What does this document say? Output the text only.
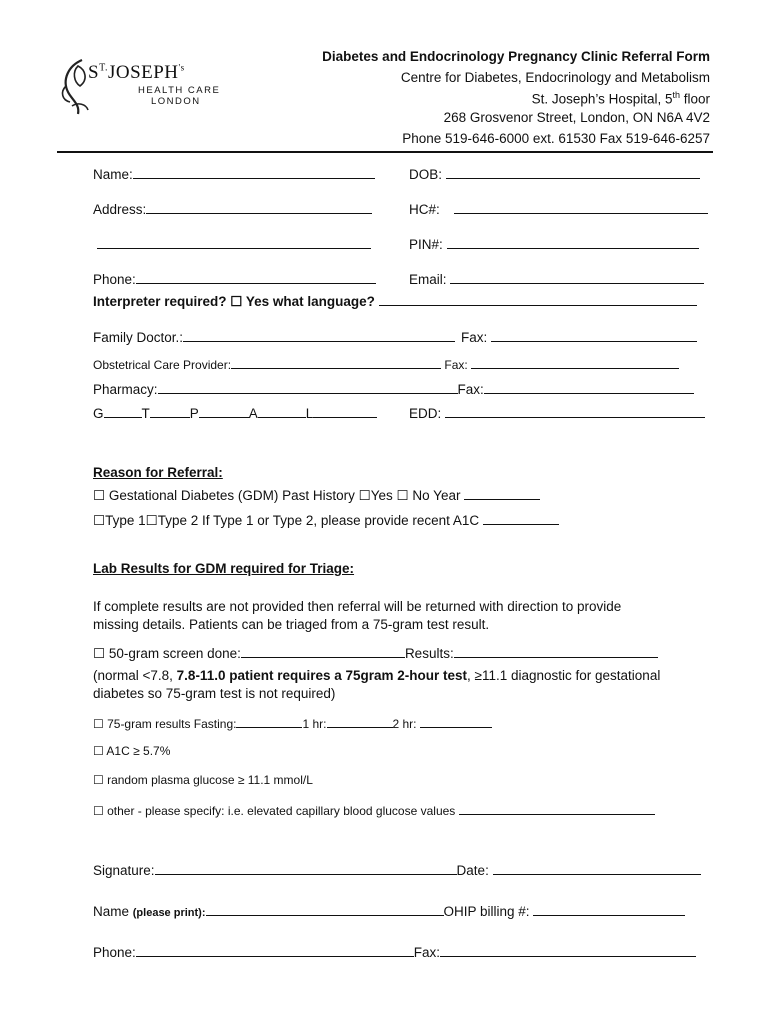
$S^{T.}JOSEPH^{'s}$
HEALTH CARE
LONDON
Diabetes and Endocrinology Pregnancy Clinic Referral Form
Centre for Diabetes, Endocrinology and Metabolism
St. Joseph’s Hospital, 5th floor
268 Grosvenor Street, London, ON N6A 4V2
Phone 519-646-6000 ext. 61530 Fax 519-646-6257
Name:	DOB:
Address:	HC#:
PIN#:
Phone:	Email:
Interpreter required? ☐ Yes what language?
Family Doctor.:	Fax:
Obstetrical Care Provider:	Fax:
Pharmacy:	Fax:
G	T	P	A	L	EDD:
Reason for Referral:
☐ Gestational Diabetes (GDM) Past History ☐Yes ☐ No Year
☐Type 1☐Type 2 If Type 1 or Type 2, please provide recent A1C
Lab Results for GDM required for Triage:
If complete results are not provided then referral will be returned with direction to provide
missing details. Patients can be triaged from a 75-gram test result.
☐ 50-gram screen done:	Results:
(normal <7.8, 7.8-11.0 patient requires a 75gram 2-hour test, ≥11.1 diagnostic for gestational
diabetes so 75-gram test is not required)
☐ 75-gram results Fasting:	1 hr:	2 hr:
☐ A1C ≥ 5.7%
☐ random plasma glucose ≥ 11.1 mmol/L
☐ other - please specify: i.e. elevated capillary blood glucose values
Signature:	Date:
Name (please print):	OHIP billing #:
Phone:	Fax:
